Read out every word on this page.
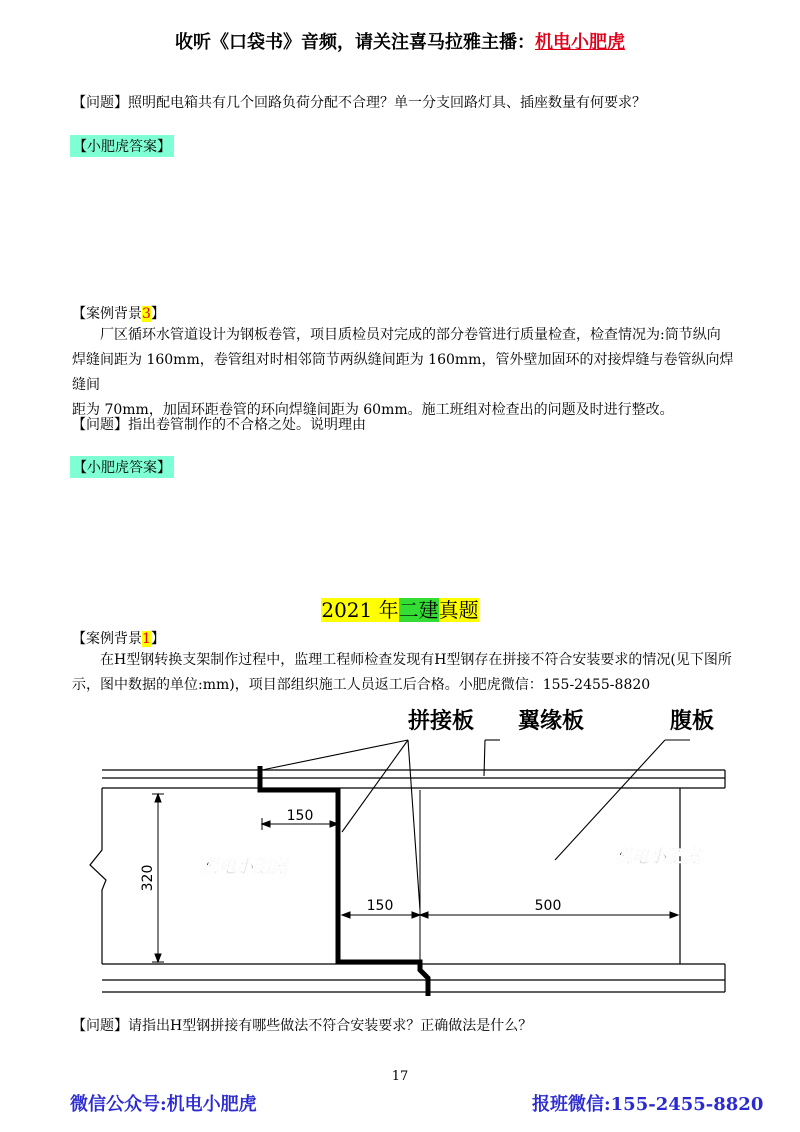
收听《口袋书》音频，请关注喜马拉雅主播：机电小肥虎
【问题】照明配电箱共有几个回路负荷分配不合理？单一分支回路灯具、插座数量有何要求？
【小肥虎答案】
【案例背景3】
厂区循环水管道设计为钢板卷管，项目质检员对完成的部分卷管进行质量检查，检查情况为:筒节纵向
焊缝间距为 160mm，卷管组对时相邻筒节两纵缝间距为 160mm，管外壁加固环的对接焊缝与卷管纵向焊缝间
距为 70mm，加固环距卷管的环向焊缝间距为 60mm。施工班组对检查出的问题及时进行整改。
【问题】指出卷管制作的不合格之处。说明理由
【小肥虎答案】
2021 年二建真题
【案例背景1】
在H型钢转换支架制作过程中，监理工程师检查发现有H型钢存在拼接不符合安装要求的情况(见下图所
示，图中数据的单位:mm)，项目部组织施工人员返工后合格。小肥虎微信：155-2455-8820
拼接板 翼缘板	腹板
150
150	500
320	机电小肥虎	机电小肥虎
【问题】请指出H型钢拼接有哪些做法不符合安装要求？正确做法是什么？
17
微信公众号:机电小肥虎	报班微信:155-2455-8820
